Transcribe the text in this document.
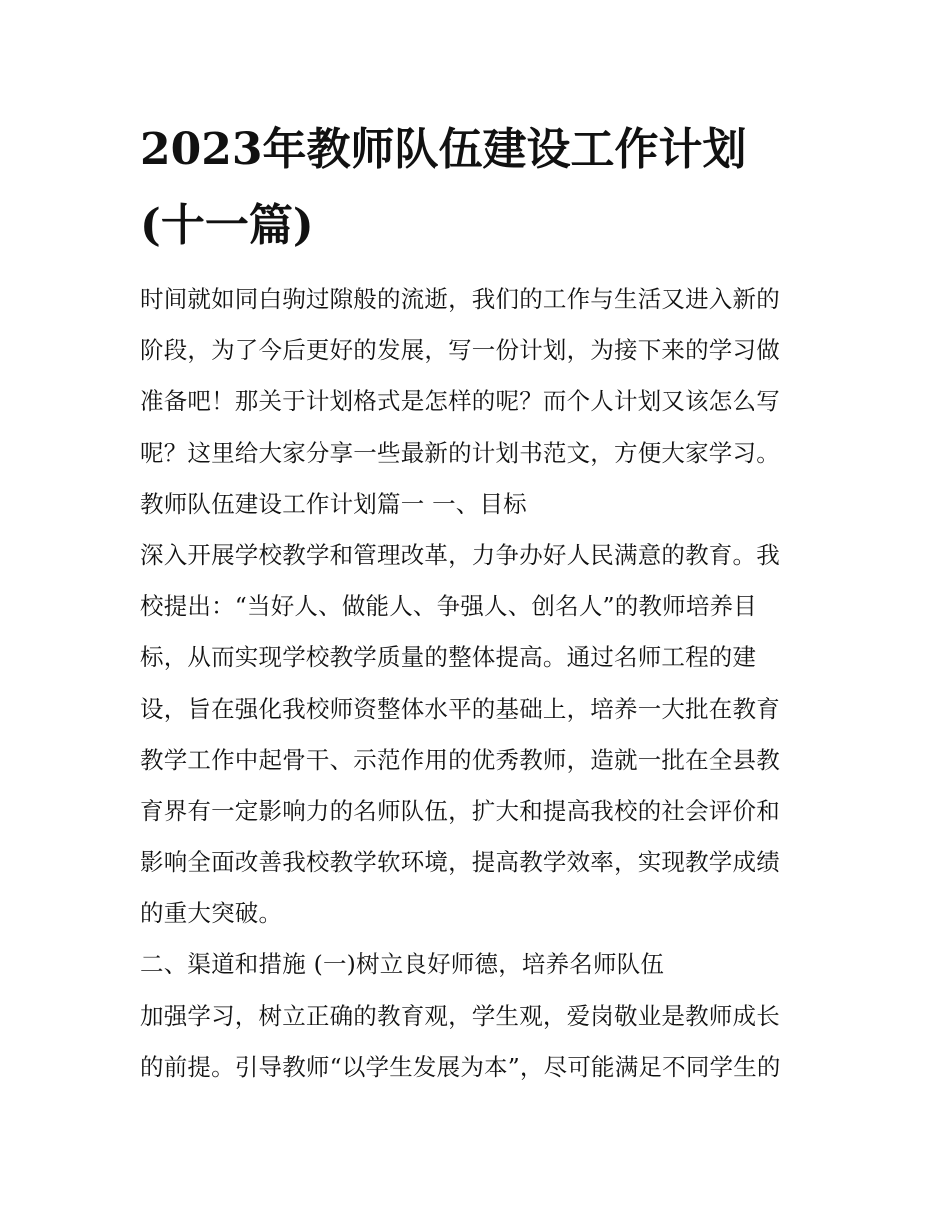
2023年教师队伍建设工作计划
(十一篇)
时间就如同白驹过隙般的流逝，我们的工作与生活又进入新的
阶段，为了今后更好的发展，写一份计划，为接下来的学习做
准备吧！那关于计划格式是怎样的呢？而个人计划又该怎么写
呢？这里给大家分享一些最新的计划书范文，方便大家学习。
教师队伍建设工作计划篇一 一、目标
深入开展学校教学和管理改革，力争办好人民满意的教育。我
校提出：“当好人、做能人、争强人、创名人”的教师培养目
标，从而实现学校教学质量的整体提高。通过名师工程的建
设，旨在强化我校师资整体水平的基础上，培养一大批在教育
教学工作中起骨干、示范作用的优秀教师，造就一批在全县教
育界有一定影响力的名师队伍，扩大和提高我校的社会评价和
影响全面改善我校教学软环境，提高教学效率，实现教学成绩
的重大突破。
二、渠道和措施 (一)树立良好师德，培养名师队伍
加强学习，树立正确的教育观，学生观，爱岗敬业是教师成长
的前提。引导教师“以学生发展为本”，尽可能满足不同学生的
